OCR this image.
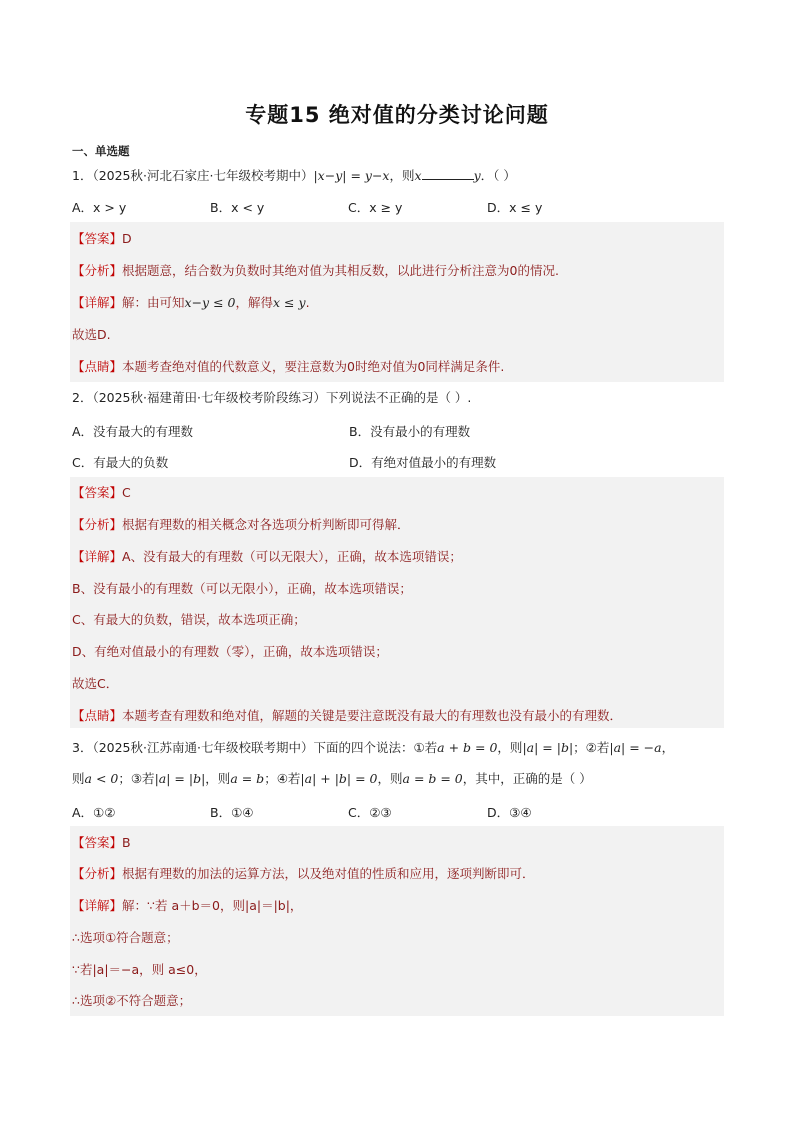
专题15 绝对值的分类讨论问题
一、单选题
1．（2025秋·河北石家庄·七年级校考期中）|x−y| = y−x，则x	y．（ ）
A．x > y	B．x < y	C．x ≥ y	D．x ≤ y
【答案】D
【分析】根据题意，结合数为负数时其绝对值为其相反数，以此进行分析注意为0的情况.
【详解】解：由可知x−y ≤ 0，解得x ≤ y.
故选D.
【点睛】本题考查绝对值的代数意义，要注意数为0时绝对值为0同样满足条件.
2．（2025秋·福建莆田·七年级校考阶段练习）下列说法不正确的是（ ）.
A．没有最大的有理数	B．没有最小的有理数
C．有最大的负数	D．有绝对值最小的有理数
【答案】C
【分析】根据有理数的相关概念对各选项分析判断即可得解．
【详解】A、没有最大的有理数（可以无限大），正确，故本选项错误；
B、没有最小的有理数（可以无限小），正确，故本选项错误；
C、有最大的负数，错误，故本选项正确；
D、有绝对值最小的有理数（零），正确，故本选项错误；
故选C．
【点睛】本题考查有理数和绝对值，解题的关键是要注意既没有最大的有理数也没有最小的有理数．
3．（2025秋·江苏南通·七年级校联考期中）下面的四个说法：①若a + b = 0，则|a| = |b|；②若|a| = −a，
则a < 0；③若|a| = |b|，则a = b；④若|a| + |b| = 0，则a = b = 0，其中，正确的是（ ）
A．①②	B．①④	C．②③	D．③④
【答案】B
【分析】根据有理数的加法的运算方法，以及绝对值的性质和应用，逐项判断即可．
【详解】解：∵若 a＋b＝0，则|a|＝|b|，
∴选项①符合题意；
∵若|a|＝−a，则 a≤0，
∴选项②不符合题意；
